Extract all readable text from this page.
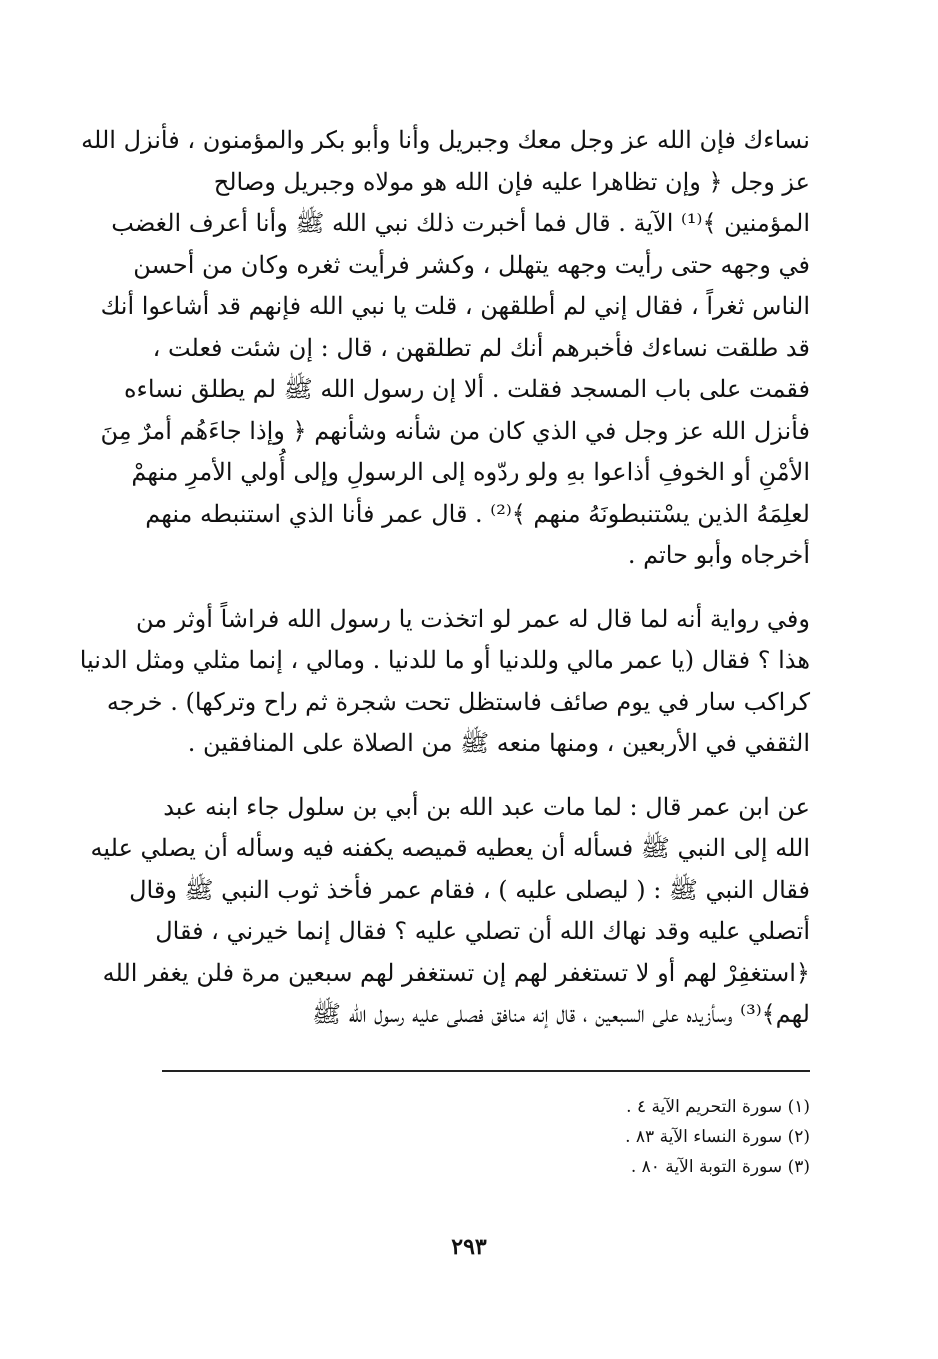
نساءك فإن الله عز وجل معك وجبريل وأنا وأبو بكر والمؤمنون ، فأنزل الله
عز وجل ﴿ وإن تظاهرا عليه فإن الله هو مولاه وجبريل وصالح
المؤمنين ﴾⁽¹⁾ الآية . قال فما أخبرت ذلك نبي الله ﷺ وأنا أعرف الغضب
في وجهه حتى رأيت وجهه يتهلل ، وكشر فرأيت ثغره وكان من أحسن
الناس ثغراً ، فقال إني لم أطلقهن ، قلت يا نبي الله فإنهم قد أشاعوا أنك
قد طلقت نساءك فأخبرهم أنك لم تطلقهن ، قال : إن شئت فعلت ،
فقمت على باب المسجد فقلت . ألا إن رسول الله ﷺ لم يطلق نساءه
فأنزل الله عز وجل في الذي كان من شأنه وشأنهم ﴿ وإذا جاءَهُم أمرٌ مِنَ
الأمْنِ أو الخوفِ أذاعوا بهِ ولو ردّوه إلى الرسولِ وإلى أُولي الأمرِ منهمْ
لعلِمَهُ الذين يسْتنبطونَهُ منهم ﴾⁽²⁾ . قال عمر فأنا الذي استنبطه منهم
أخرجاه وأبو حاتم .
وفي رواية أنه لما قال له عمر لو اتخذت يا رسول الله فراشاً أوثر من
هذا ؟ فقال (يا عمر مالي وللدنيا أو ما للدنيا . ومالي ، إنما مثلي ومثل الدنيا
كراكب سار في يوم صائف فاستظل تحت شجرة ثم راح وتركها) . خرجه
الثقفي في الأربعين ، ومنها منعه ﷺ من الصلاة على المنافقين .
عن ابن عمر قال : لما مات عبد الله بن أبي بن سلول جاء ابنه عبد
الله إلى النبي ﷺ فسأله أن يعطيه قميصه يكفنه فيه وسأله أن يصلي عليه
فقال النبي ﷺ : ( ليصلى عليه ) ، فقام عمر فأخذ ثوب النبي ﷺ وقال
أتصلي عليه وقد نهاك الله أن تصلي عليه ؟ فقال إنما خيرني ، فقال
﴿استغفِرْ لهم أو لا تستغفر لهم إن تستغفر لهم سبعين مرة فلن يغفر الله
لهم﴾⁽³⁾ وسأزيده على السبعين ، قال إنه منافق فصلى عليه رسول الله ﷺ
(١) سورة التحريم الآية ٤ .
(٢) سورة النساء الآية ٨٣ .
(٣) سورة التوبة الآية ٨٠ .
٢٩٣
